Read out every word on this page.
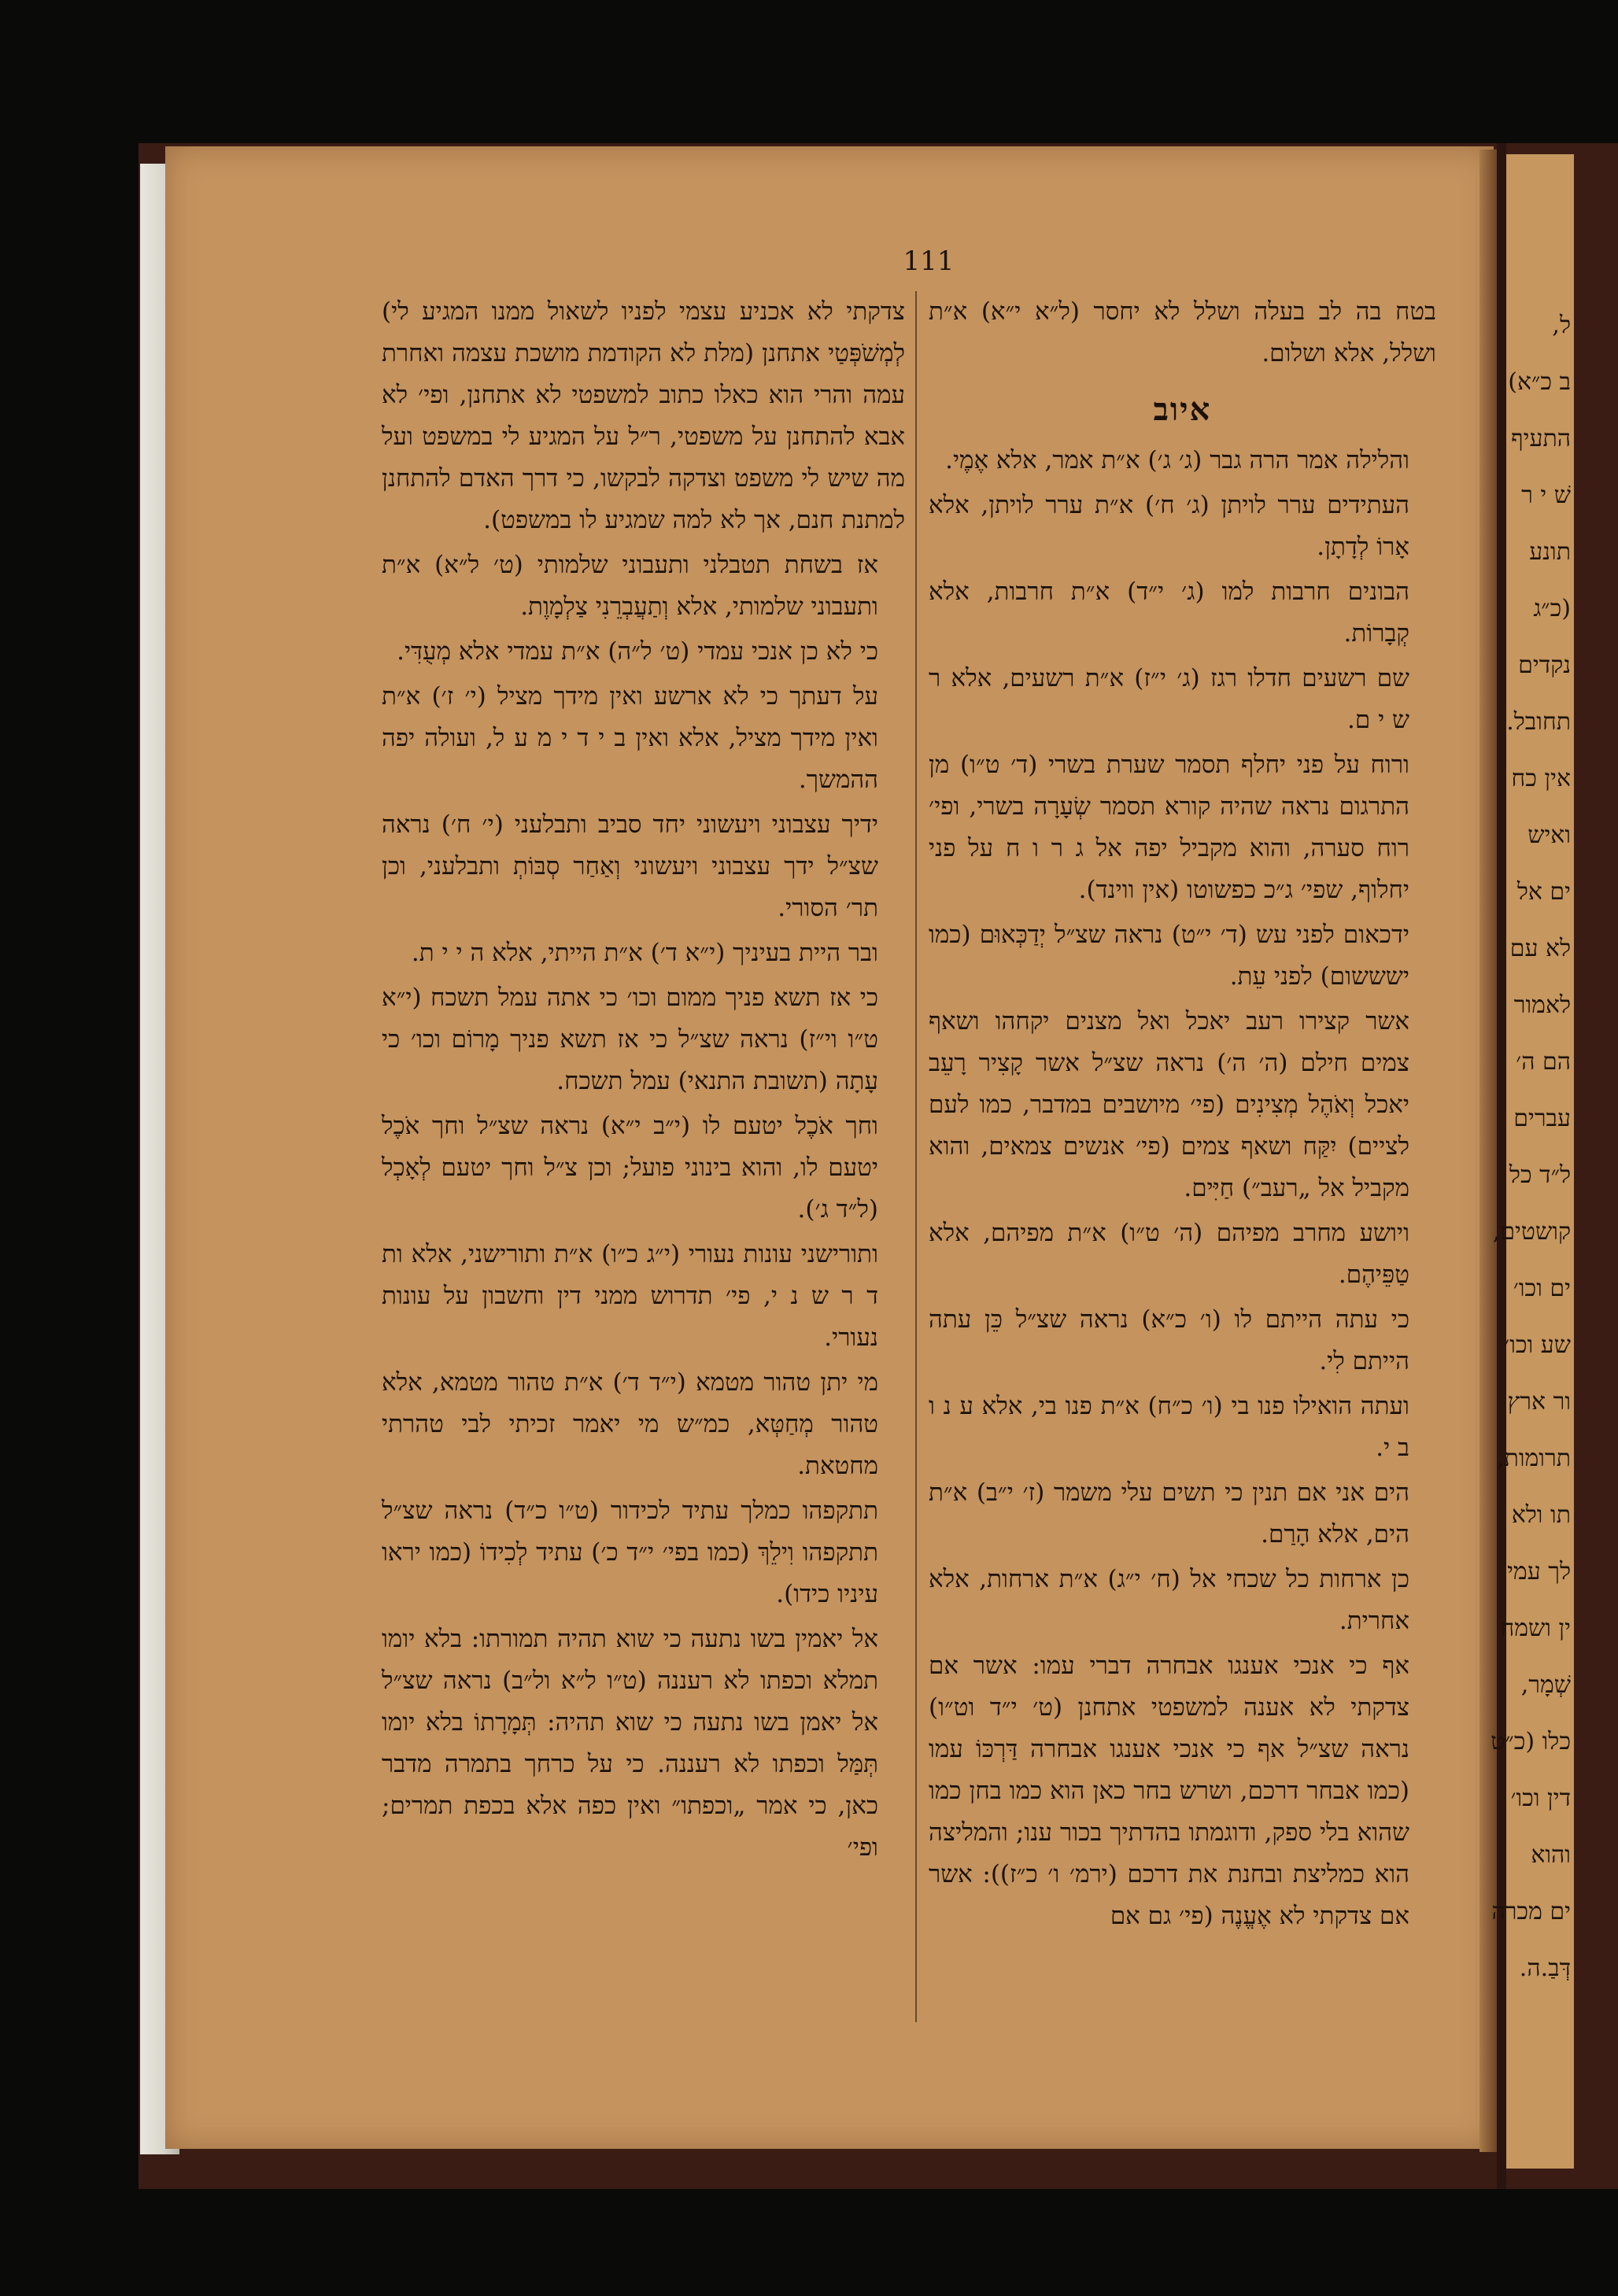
ל,
ב כ״א)
התעיף
שׁ י ר
תונע
(כ״ג
נקדים
תחובל.
אין כח
ואיש
ים אל
לא עם
לאמור
הם ה׳
עברים
ל״ד כל
קושטים,
ים וכו׳
שע וכו׳
ור ארץ
תרומות,
תו ולא
לך עמי
ין ושמח
שְׁמָר,
כלו (כ״ט
דין וכו׳
והוא
ים מכרה
דְּבַ.ה.
111

בטח בה לב בעלה ושלל לא יחסר (ל״א י״א) א״ת ושלל, אלא ושלום.

איוב

והלילה אמר הרה גבר (ג׳ ג׳) א״ת אמר, אלא אֶמֶי.

העתידים ערר לויתן (ג׳ ח׳) א״ת ערר לויתן, אלא אָרוֹ לְדָתָן.

הבונים חרבות למו (ג׳ י״ד) א״ת חרבות, אלא קְבָרוֹת.

שם רשעים חדלו רגז (ג׳ י״ז) א״ת רשעים, אלא ר ש י ם.

ורוח על פני יחלף תסמר שערת בשרי (ד׳ ט״ו) מן התרגום נראה שהיה קורא תסמר שְׂעָרָה בשרי, ופי׳ רוח סערה, והוא מקביל יפה אל ג ר ו ח על פני יחלוף, שפי׳ ג״כ כפשוטו (אין ווינד).

ידכאום לפני עש (ד׳ י״ט) נראה שצ״ל יְדַכְּאוּם (כמו ישששום) לפני עֵת.

אשר קצירו רעב יאכל ואל מצנים יקחהו ושאף צמים חילם (ה׳ ה׳) נראה שצ״ל אשר קָצִיר רָעֵב יאכל וְאֹהֶל מְצִינִים (פי׳ מיושבים במדבר, כמו לעם לציים) יִקַּח ושאף צמים (פי׳ אנשים צמאים, והוא מקביל אל „רעב״) חַיִּים.

ויושע מחרב מפיהם (ה׳ ט״ו) א״ת מפיהם, אלא טַפֵּיהֶם.

כי עתה הייתם לו (ו׳ כ״א) נראה שצ״ל כֵּן עתה הייתם לִי.

ועתה הואילו פנו בי (ו׳ כ״ח) א״ת פנו בי, אלא ע נ ו ב י.

הים אני אם תנין כי תשים עלי משמר (ז׳ י״ב) א״ת הים, אלא הָרַם.

כן ארחות כל שכחי אל (ח׳ י״ג) א״ת ארחות, אלא אחרית.

אף כי אנכי אענגו אבחרה דברי עמו: אשר אם צדקתי לא אענה למשפטי אתחנן (ט׳ י״ד וט״ו) נראה שצ״ל אף כי אנכי אענגו אבחרה דַּרְכּוֹ עמו (כמו אבחר דרכם, ושרש בחר כאן הוא כמו בחן כמו שהוא בלי ספק, ודוגמתו בהדתיך בכור ענו; והמליצה הוא כמליצת ובחנת את דרכם (ירמ׳ ו׳ כ״ז)): אשר אם צדקתי לא אֶעֱנֶה (פי׳ גם אם

צדקתי לא אכניע עצמי לפניו לשאול ממנו המגיע לי) לְמְשֹׁפְּטַי אתחנן (מלת לא הקודמת מושכת עצמה ואחרת עמה והרי הוא כאלו כתוב למשפטי לא אתחנן, ופי׳ לא אבא להתחנן על משפטי, ר״ל על המגיע לי במשפט ועל מה שיש לי משפט וצדקה לבקשו, כי דרך האדם להתחנן למתנת חנם, אך לא למה שמגיע לו במשפט).

אז בשחת תטבלני ותעבוני שלמותי (ט׳ ל״א) א״ת ותעבוני שלמותי, אלא וְתַעֲבְרֵנִי צַלְמָוֶת.

כי לא כן אנכי עמדי (ט׳ ל״ה) א״ת עמדי אלא מְעֻדִּי.

על דעתך כי לא ארשע ואין מידך מציל (י׳ ז׳) א״ת ואין מידך מציל, אלא ואין ב י ד י מ ע ל, ועולה יפה ההמשך.

ידיך עצבוני ויעשוני יחד סביב ותבלעני (י׳ ח׳) נראה שצ״ל ידך עצבוני ויעשוני וְאַחַר סְבּוֹתְ ותבלעני, וכן תר׳ הסורי.

ובר היית בעיניך (י״א ד׳) א״ת הייתי, אלא ה י י ת.

כי אז תשא פניך ממום וכו׳ כי אתה עמל תשכח (י״א ט״ו וי״ז) נראה שצ״ל כי אז תשא פניך מָרוֹם וכו׳ כי עָתָה (תשובת התנאי) עמל תשכח.

וחך אֹכֶל יטעם לו (י״ב י״א) נראה שצ״ל וחך אֹכֶל יטעם לו, והוא בינוני פועל; וכן צ״ל וחך יטעם לְאָכְל (ל״ד ג׳).

ותורישני עונות נעורי (י״ג כ״ו) א״ת ותורישני, אלא ות ד ר ש נ י, פי׳ תדרוש ממני דין וחשבון על עונות נעורי.

מי יתן טהור מטמא (י״ד ד׳) א״ת טהור מטמא, אלא טהור מְחַטְּא, כמ״ש מי יאמר זכיתי לבי טהרתי מחטאת.

תתקפהו כמלך עתיד לכידור (ט״ו כ״ד) נראה שצ״ל תתקפהו וִילֵךְ (כמו בפי׳ י״ד כ׳) עתיד לְכִידוֹ (כמו יראו עיניו כידו).

אל יאמין בשו נתעה כי שוא תהיה תמורתו: בלא יומו תמלא וכפתו לא רעננה (ט״ו ל״א ול״ב) נראה שצ״ל אל יאמן בשו נתעה כי שוא תהיה: תְּמָרָתוֹ בלא יומו תְּמַּל וכפתו לא רעננה. כי על כרחך בתמרה מדבר כאן, כי אמר „וכפתו״ ואין כפה אלא בכפת תמרים; ופי׳
